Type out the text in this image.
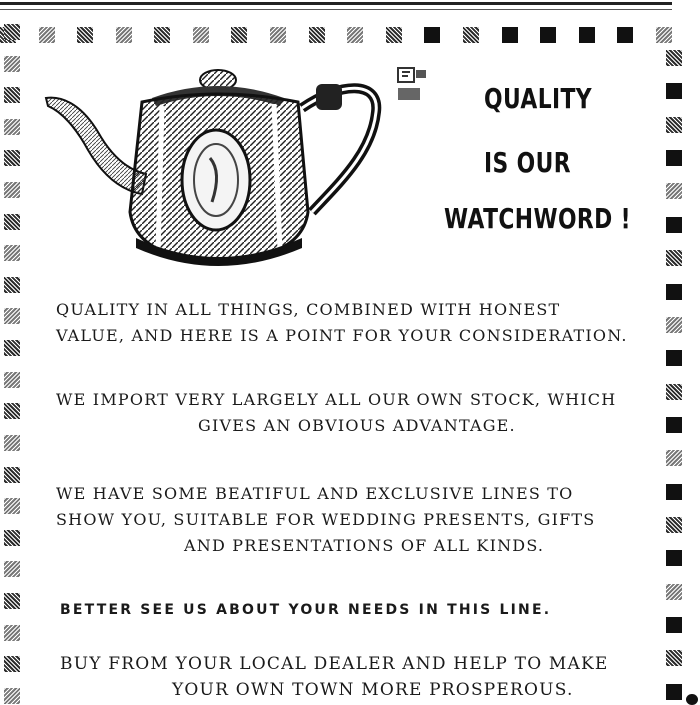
QUALITY
IS OUR
WATCHWORD !
QUALITY IN ALL THINGS, COMBINED WITH HONEST
VALUE, AND HERE IS A POINT FOR YOUR CONSIDERATION.
WE IMPORT VERY LARGELY ALL OUR OWN STOCK, WHICH
GIVES AN OBVIOUS ADVANTAGE.
WE HAVE SOME BEATIFUL AND EXCLUSIVE LINES TO
SHOW YOU, SUITABLE FOR WEDDING PRESENTS, GIFTS
AND PRESENTATIONS OF ALL KINDS.
BETTER SEE US ABOUT YOUR NEEDS IN THIS LINE.
BUY FROM YOUR LOCAL DEALER AND HELP TO MAKE
YOUR OWN TOWN MORE PROSPEROUS.
